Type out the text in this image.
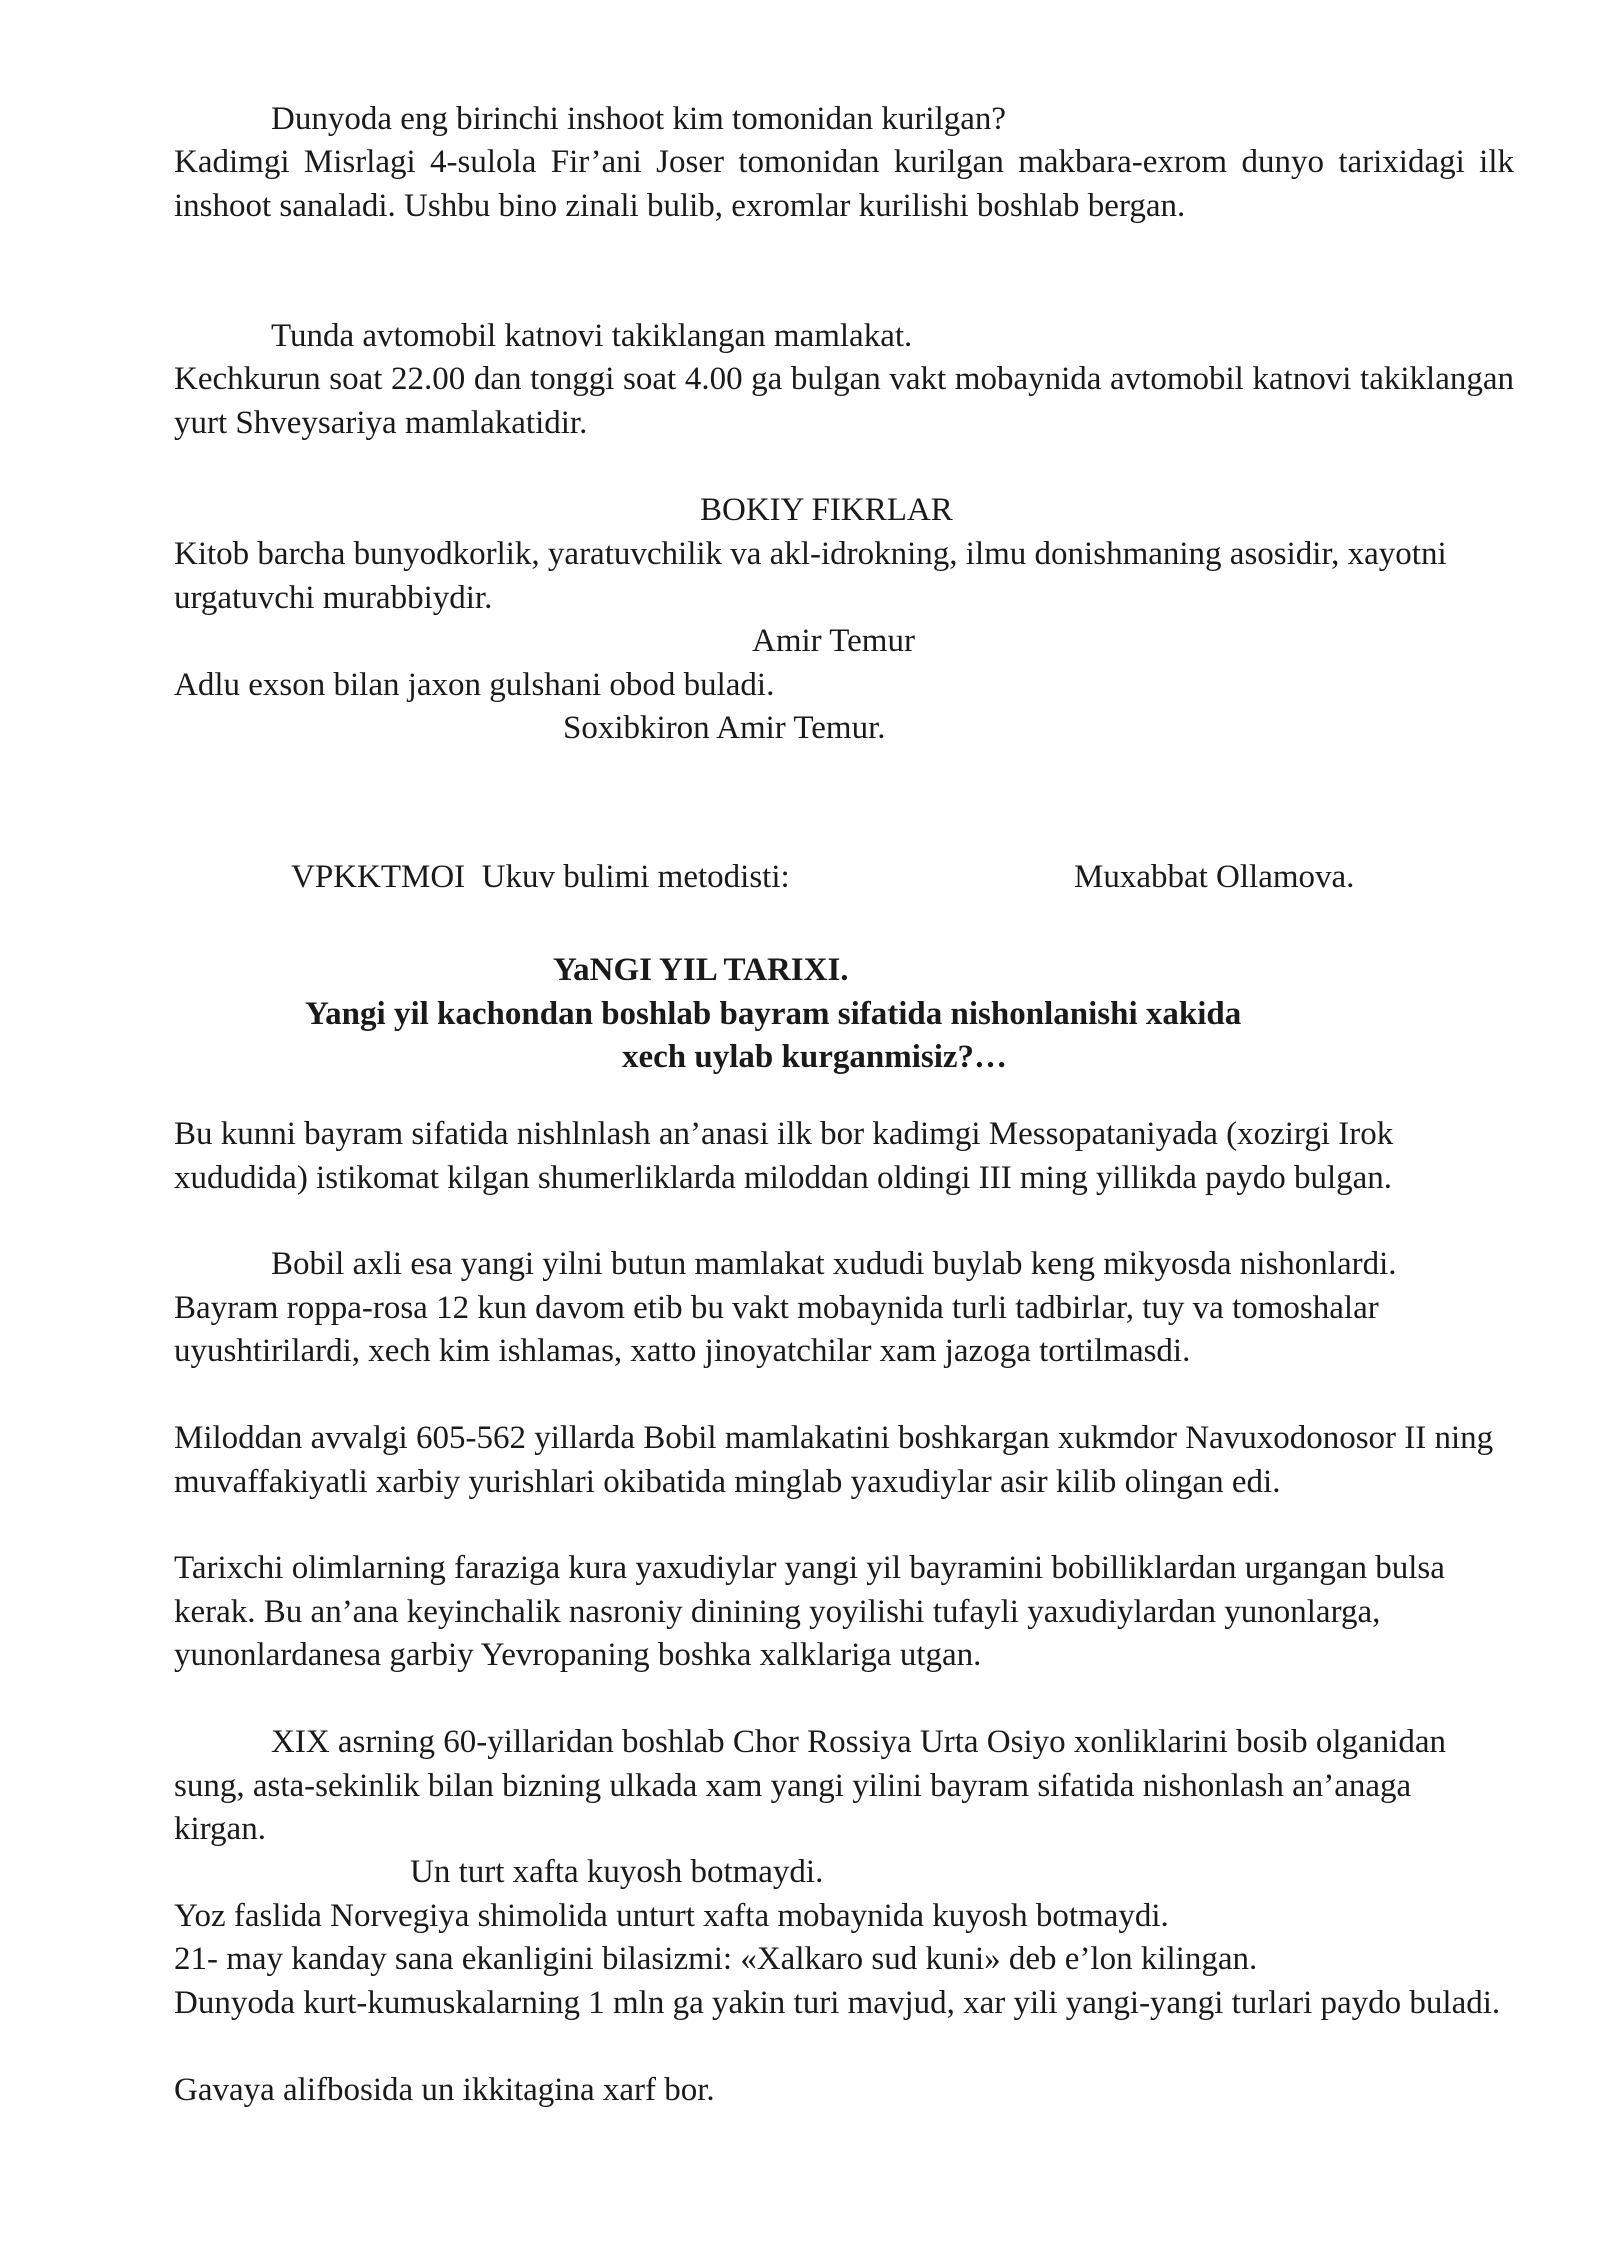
Dunyoda eng birinchi inshoot kim tomonidan kurilgan?

Kadimgi Misrlagi 4-sulola Fir’ani Joser tomonidan kurilgan makbara-exrom dunyo tarixidagi ilk inshoot sanaladi. Ushbu bino zinali bulib, exromlar kurilishi boshlab bergan.

Tunda avtomobil katnovi takiklangan mamlakat.

Kechkurun soat 22.00 dan tonggi soat 4.00 ga bulgan vakt mobaynida avtomobil katnovi takiklangan yurt Shveysariya mamlakatidir.

BOKIY FIKRLAR

Kitob barcha bunyodkorlik, yaratuvchilik va akl-idrokning, ilmu donishmaning asosidir, xayotni urgatuvchi murabbiydir.

Amir Temur
Adlu exson bilan jaxon gulshani obod buladi.
Soxibkiron Amir Temur.
VPKKTMOI  Ukuv bulimi metodisti:	Muxabbat Ollamova.
YaNGI YIL TARIXI.
Yangi yil kachondan boshlab bayram sifatida nishonlanishi xakida
xech uylab kurganmisiz?…

Bu kunni bayram sifatida nishlnlash an’anasi ilk bor kadimgi Messopataniyada (xozirgi Irok xududida) istikomat kilgan shumerliklarda miloddan oldingi III ming yillikda paydo bulgan.

Bobil axli esa yangi yilni butun mamlakat xududi buylab keng mikyosda nishonlardi. Bayram roppa-rosa 12 kun davom etib bu vakt mobaynida turli tadbirlar, tuy va tomoshalar uyushtirilardi, xech kim ishlamas, xatto jinoyatchilar xam jazoga tortilmasdi.

Miloddan avvalgi 605-562 yillarda Bobil mamlakatini boshkargan xukmdor Navuxodonosor II ning muvaffakiyatli xarbiy yurishlari okibatida minglab yaxudiylar asir kilib olingan edi.

Tarixchi olimlarning faraziga kura yaxudiylar yangi yil bayramini bobilliklardan urgangan bulsa kerak. Bu an’ana keyinchalik nasroniy dinining yoyilishi tufayli yaxudiylardan yunonlarga, yunonlardanesa garbiy Yevropaning boshka xalklariga utgan.

XIX asrning 60-yillaridan boshlab Chor Rossiya Urta Osiyo xonliklarini bosib olganidan sung, asta-sekinlik bilan bizning ulkada xam yangi yilini bayram sifatida nishonlash an’anaga kirgan.

Un turt xafta kuyosh botmaydi.
Yoz faslida Norvegiya shimolida unturt xafta mobaynida kuyosh botmaydi.
21- may kanday sana ekanligini bilasizmi: «Xalkaro sud kuni» deb e’lon kilingan.

Dunyoda kurt-kumuskalarning 1 mln ga yakin turi mavjud, xar yili yangi-yangi turlari paydo buladi.

Gavaya alifbosida un ikkitagina xarf bor.
